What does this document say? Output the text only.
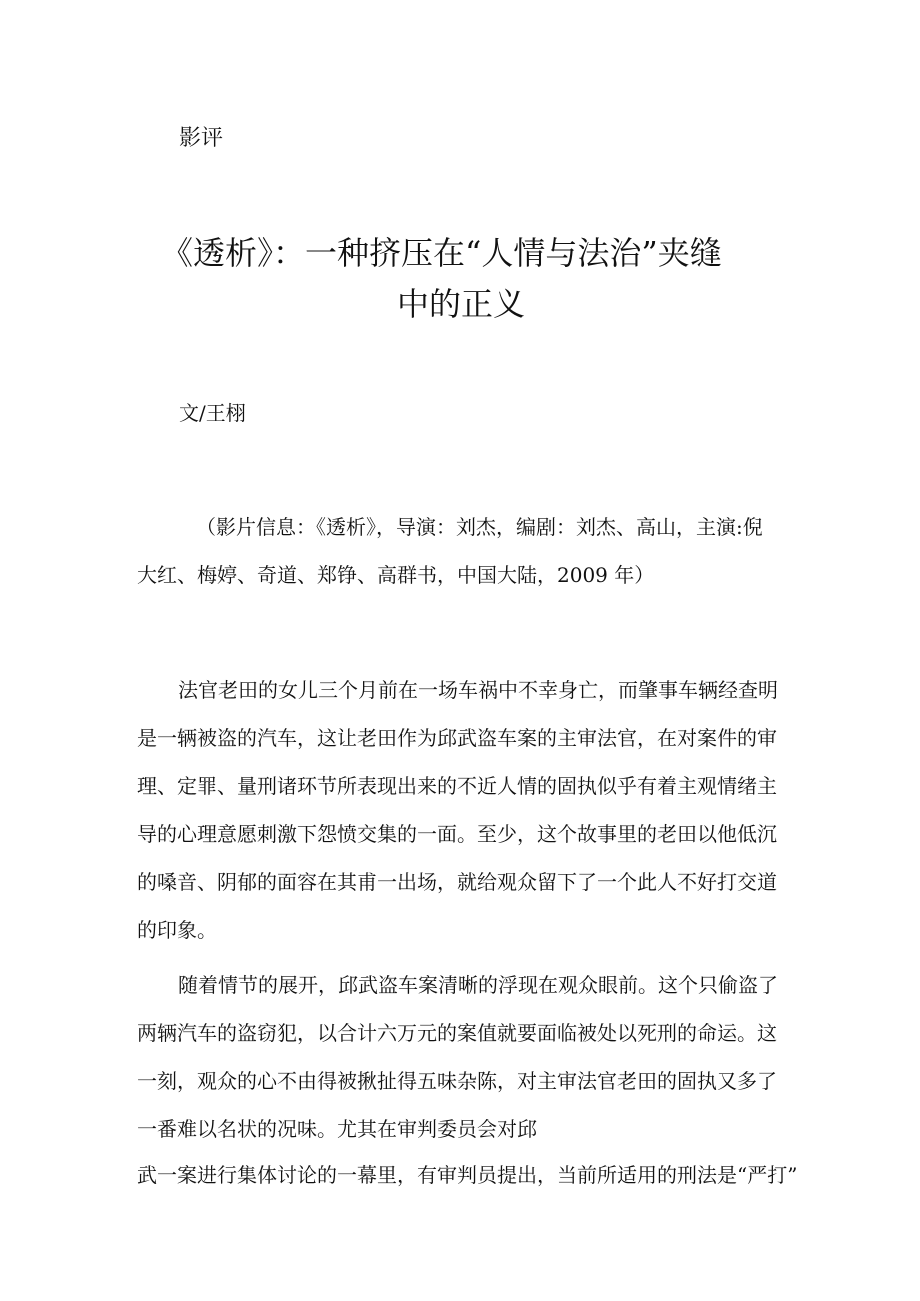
影评
《透析》：一种挤压在“人情与法治”夹缝
中的正义
文/王栩
（影片信息：《透析》，导演：刘杰，编剧：刘杰、高山，主演:倪
大红、梅婷、奇道、郑铮、高群书，中国大陆，2009 年）
法官老田的女儿三个月前在一场车祸中不幸身亡，而肇事车辆经查明
是一辆被盗的汽车，这让老田作为邱武盗车案的主审法官，在对案件的审
理、定罪、量刑诸环节所表现出来的不近人情的固执似乎有着主观情绪主
导的心理意愿刺激下怨愤交集的一面。至少，这个故事里的老田以他低沉
的嗓音、阴郁的面容在其甫一出场，就给观众留下了一个此人不好打交道
的印象。
随着情节的展开，邱武盗车案清晰的浮现在观众眼前。这个只偷盗了
两辆汽车的盗窃犯，以合计六万元的案值就要面临被处以死刑的命运。这
一刻，观众的心不由得被揪扯得五味杂陈，对主审法官老田的固执又多了
一番难以名状的况味。尤其在审判委员会对邱
武一案进行集体讨论的一幕里，有审判员提出，当前所适用的刑法是“严打”
